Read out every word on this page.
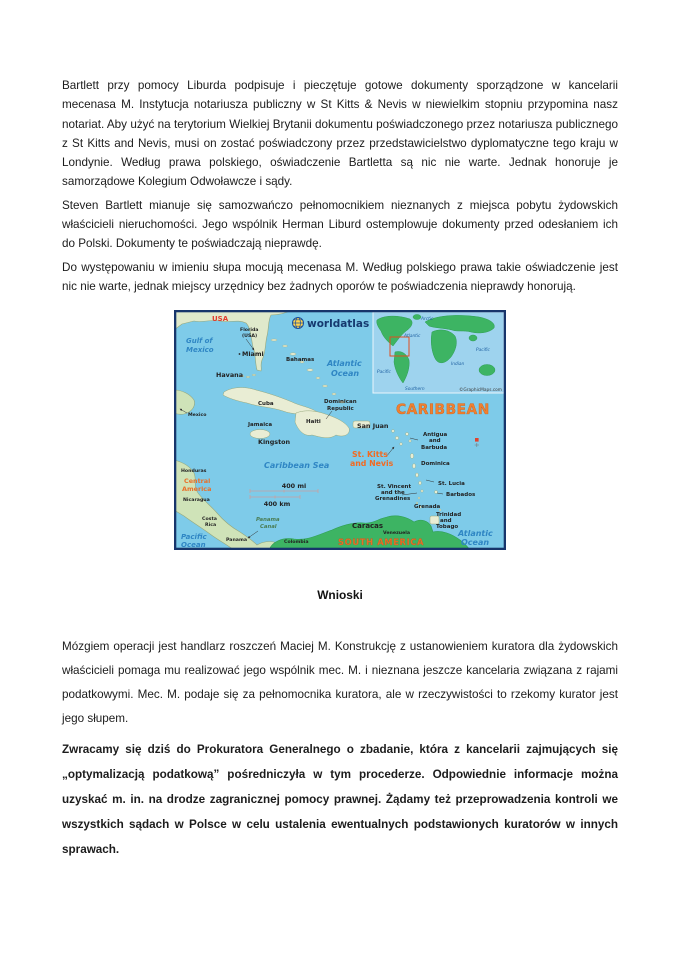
Bartlett przy pomocy Liburda podpisuje i pieczętuje gotowe dokumenty sporządzone w kancelarii mecenasa M. Instytucja notariusza publiczny w St Kitts & Nevis w niewielkim stopniu przypomina nasz notariat. Aby użyć na terytorium Wielkiej Brytanii dokumentu poświadczonego przez notariusza publicznego z St Kitts and Nevis, musi on zostać poświadczony przez przedstawicielstwo dyplomatyczne tego kraju w Londynie. Według prawa polskiego, oświadczenie Bartletta są nic nie warte. Jednak honoruje je samorządowe Kolegium Odwoławcze i sądy.

Steven Bartlett mianuje się samozwańczo pełnomocnikiem nieznanych z miejsca pobytu żydowskich właścicieli nieruchomości. Jego wspólnik Herman Liburd ostemplowuje dokumenty przed odesłaniem ich do Polski. Dokumenty te poświadczają nieprawdę.

Do występowaniu w imieniu słupa mocują mecenasa M. Według polskiego prawa takie oświadczenie jest nic nie warte, jednak miejscy urzędnicy bez żadnych oporów te poświadczenia nieprawdy honorują.

400 mi
400 km
worldatlas	Arctic
Atlantic
Pacific
Indian
Pacific
Southern	©GraphicMaps.com
CARIBBEAN
USA
Florida (USA)
Gulf of Mexico	Miami
Havana
Cuba
Mexico
Bahamas Atlantic Ocean
Dominican Republic
Haiti
Jamaica
Kingston
San Juan
St. Kitts and Nevis
Antigua and Barbuda
Dominica
St. Lucia
Barbados
St. Vincent and the Grenadines
Grenada
Trinidad and Tobago
Caribbean Sea
Honduras
Central America
Nicaragua
Costa Rica
Panama
Panama Canal
Colombia
Caracas
Venezuela
SOUTH AMERICA
Pacific Ocean
Atlantic Ocean
Wnioski

Mózgiem operacji jest handlarz roszczeń Maciej M. Konstrukcję z ustanowieniem kuratora dla żydowskich właścicieli pomaga mu realizować jego wspólnik mec. M. i nieznana jeszcze kancelaria związana z rajami podatkowymi. Mec. M. podaje się za pełnomocnika kuratora, ale w rzeczywistości to rzekomy kurator jest jego słupem.

Zwracamy się dziś do Prokuratora Generalnego o zbadanie, która z kancelarii zajmujących się „optymalizacją podatkową” pośredniczyła w tym procederze. Odpowiednie informacje można uzyskać m. in. na drodze zagranicznej pomocy prawnej. Żądamy też przeprowadzenia kontroli we wszystkich sądach w Polsce w celu ustalenia ewentualnych podstawionych kuratorów w innych sprawach.
